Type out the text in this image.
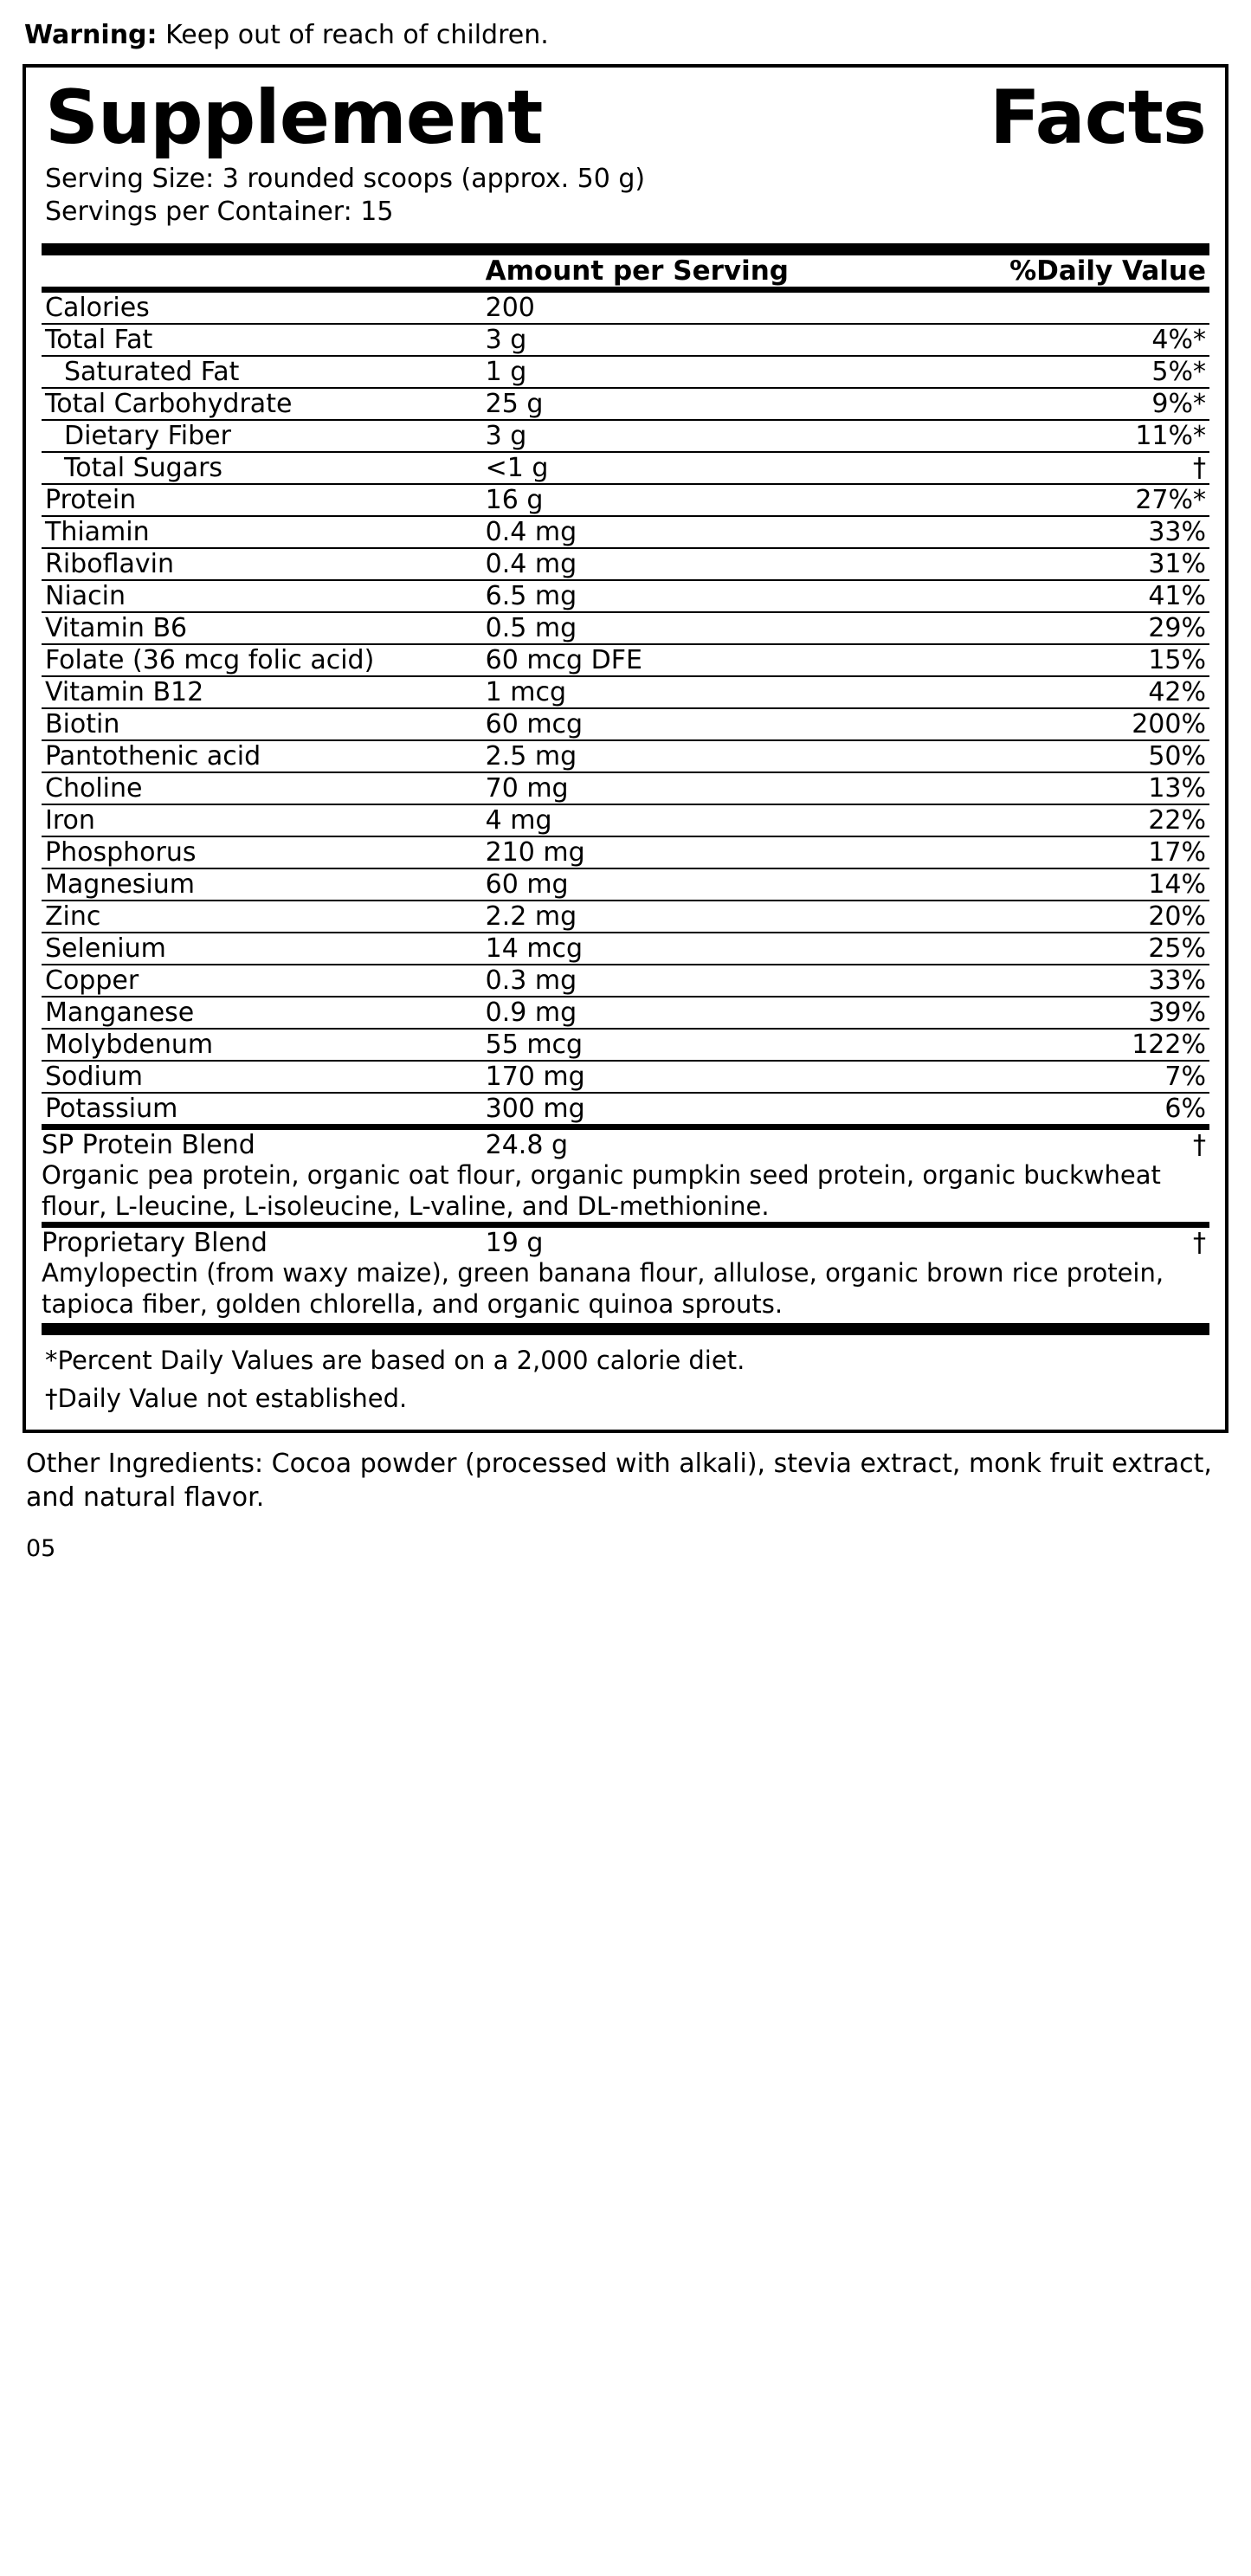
Warning: Keep out of reach of children.
Supplement	Facts
Serving Size: 3 rounded scoops (approx. 50 g)
Servings per Container: 15
	Amount per Serving	%Daily Value
Calories	200	
Total Fat	3 g	4%*
Saturated Fat	1 g	5%*
Total Carbohydrate	25 g	9%*
Dietary Fiber	3 g	11%*
Total Sugars	<1 g	†
Protein	16 g	27%*
Thiamin	0.4 mg	33%
Riboflavin	0.4 mg	31%
Niacin	6.5 mg	41%
Vitamin B6	0.5 mg	29%
Folate (36 mcg folic acid)	60 mcg DFE	15%
Vitamin B12	1 mcg	42%
Biotin	60 mcg	200%
Pantothenic acid	2.5 mg	50%
Choline	70 mg	13%
Iron	4 mg	22%
Phosphorus	210 mg	17%
Magnesium	60 mg	14%
Zinc	2.2 mg	20%
Selenium	14 mcg	25%
Copper	0.3 mg	33%
Manganese	0.9 mg	39%
Molybdenum	55 mcg	122%
Sodium	170 mg	7%
Potassium	300 mg	6%
SP Protein Blend	24.8 g	†
Organic pea protein, organic oat flour, organic pumpkin seed protein, organic buckwheat flour, L-leucine, L-isoleucine, L-valine, and DL-methionine.		
Proprietary Blend	19 g	†
Amylopectin (from waxy maize), green banana flour, allulose, organic brown rice protein, tapioca fiber, golden chlorella, and organic quinoa sprouts.		
*Percent Daily Values are based on a 2,000 calorie diet.
†Daily Value not established.
Other Ingredients: Cocoa powder (processed with alkali), stevia extract, monk fruit extract, and natural flavor.
05
